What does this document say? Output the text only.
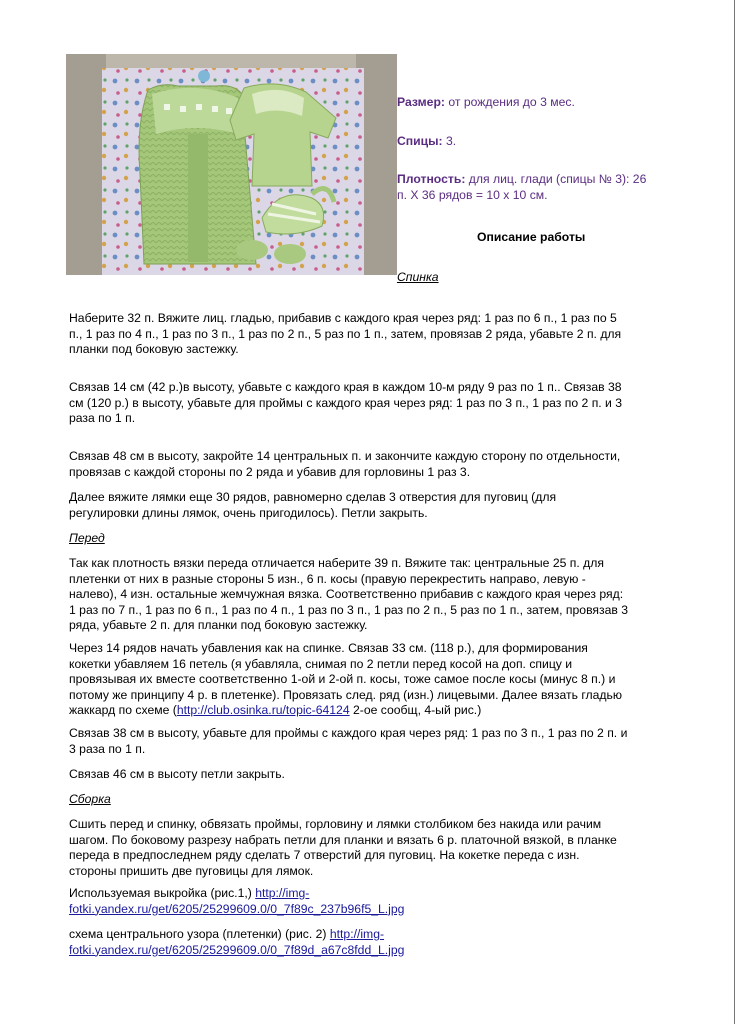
Размер: от рождения до 3 мес.
Спицы: 3.
Плотность: для лиц. глади (спицы № 3): 26
п. Х 36 рядов = 10 х 10 см.
Описание работы
Спинка

Наберите 32 п. Вяжите лиц. гладью, прибавив с каждого края через ряд: 1 раз по 6 п., 1 раз по 5

п., 1 раз по 4 п., 1 раз по 3 п., 1 раз по 2 п., 5 раз по 1 п., затем, провязав 2 ряда, убавьте 2 п. для

планки под боковую застежку.

Связав 14 см (42 р.)в высоту, убавьте с каждого края в каждом 10-м ряду 9 раз по 1 п.. Связав 38

см (120 р.) в высоту, убавьте для проймы с каждого края через ряд: 1 раз по 3 п., 1 раз по 2 п. и 3

раза по 1 п.

Связав 48 см в высоту, закройте 14 центральных п. и закончите каждую сторону по отдельности,

провязав с каждой стороны по 2 ряда и убавив для горловины 1 раз 3.

Далее вяжите лямки еще 30 рядов, равномерно сделав 3 отверстия для пуговиц (для

регулировки длины лямок, очень пригодилось). Петли закрыть.

Перед

Так как плотность вязки переда отличается наберите 39 п. Вяжите так: центральные 25 п. для

плетенки от них в разные стороны 5 изн., 6 п. косы (правую перекрестить направо, левую -

налево), 4 изн. остальные жемчужная вязка. Соответственно прибавив с каждого края через ряд:

1 раз по 7 п., 1 раз по 6 п., 1 раз по 4 п., 1 раз по 3 п., 1 раз по 2 п., 5 раз по 1 п., затем, провязав 3

ряда, убавьте 2 п. для планки под боковую застежку.

Через 14 рядов начать убавления как на спинке. Связав 33 см. (118 р.), для формирования

кокетки убавляем 16 петель (я убавляла, снимая по 2 петли перед косой на доп. спицу и

провязывая их вместе соответственно 1-ой и 2-ой п. косы, тоже самое после косы (минус 8 п.) и

потому же принципу 4 р. в плетенке). Провязать след. ряд (изн.) лицевыми. Далее вязать гладью

жаккард по схеме (http://club.osinka.ru/topic-64124 2-ое сообщ, 4-ый рис.)

Связав 38 см в высоту, убавьте для проймы с каждого края через ряд: 1 раз по 3 п., 1 раз по 2 п. и

3 раза по 1 п.

Связав 46 см в высоту петли закрыть.

Сборка

Сшить перед и спинку, обвязать проймы, горловину и лямки столбиком без накида или рачим

шагом. По боковому разрезу набрать петли для планки и вязать 6 р. платочной вязкой, в планке

переда в предпоследнем ряду сделать 7 отверстий для пуговиц. На кокетке переда с изн.

стороны пришить две пуговицы для лямок.

Используемая выкройка (рис.1,) http://img-

fotki.yandex.ru/get/6205/25299609.0/0_7f89c_237b96f5_L.jpg

схема центрального узора (плетенки) (рис. 2) http://img-

fotki.yandex.ru/get/6205/25299609.0/0_7f89d_a67c8fdd_L.jpg
